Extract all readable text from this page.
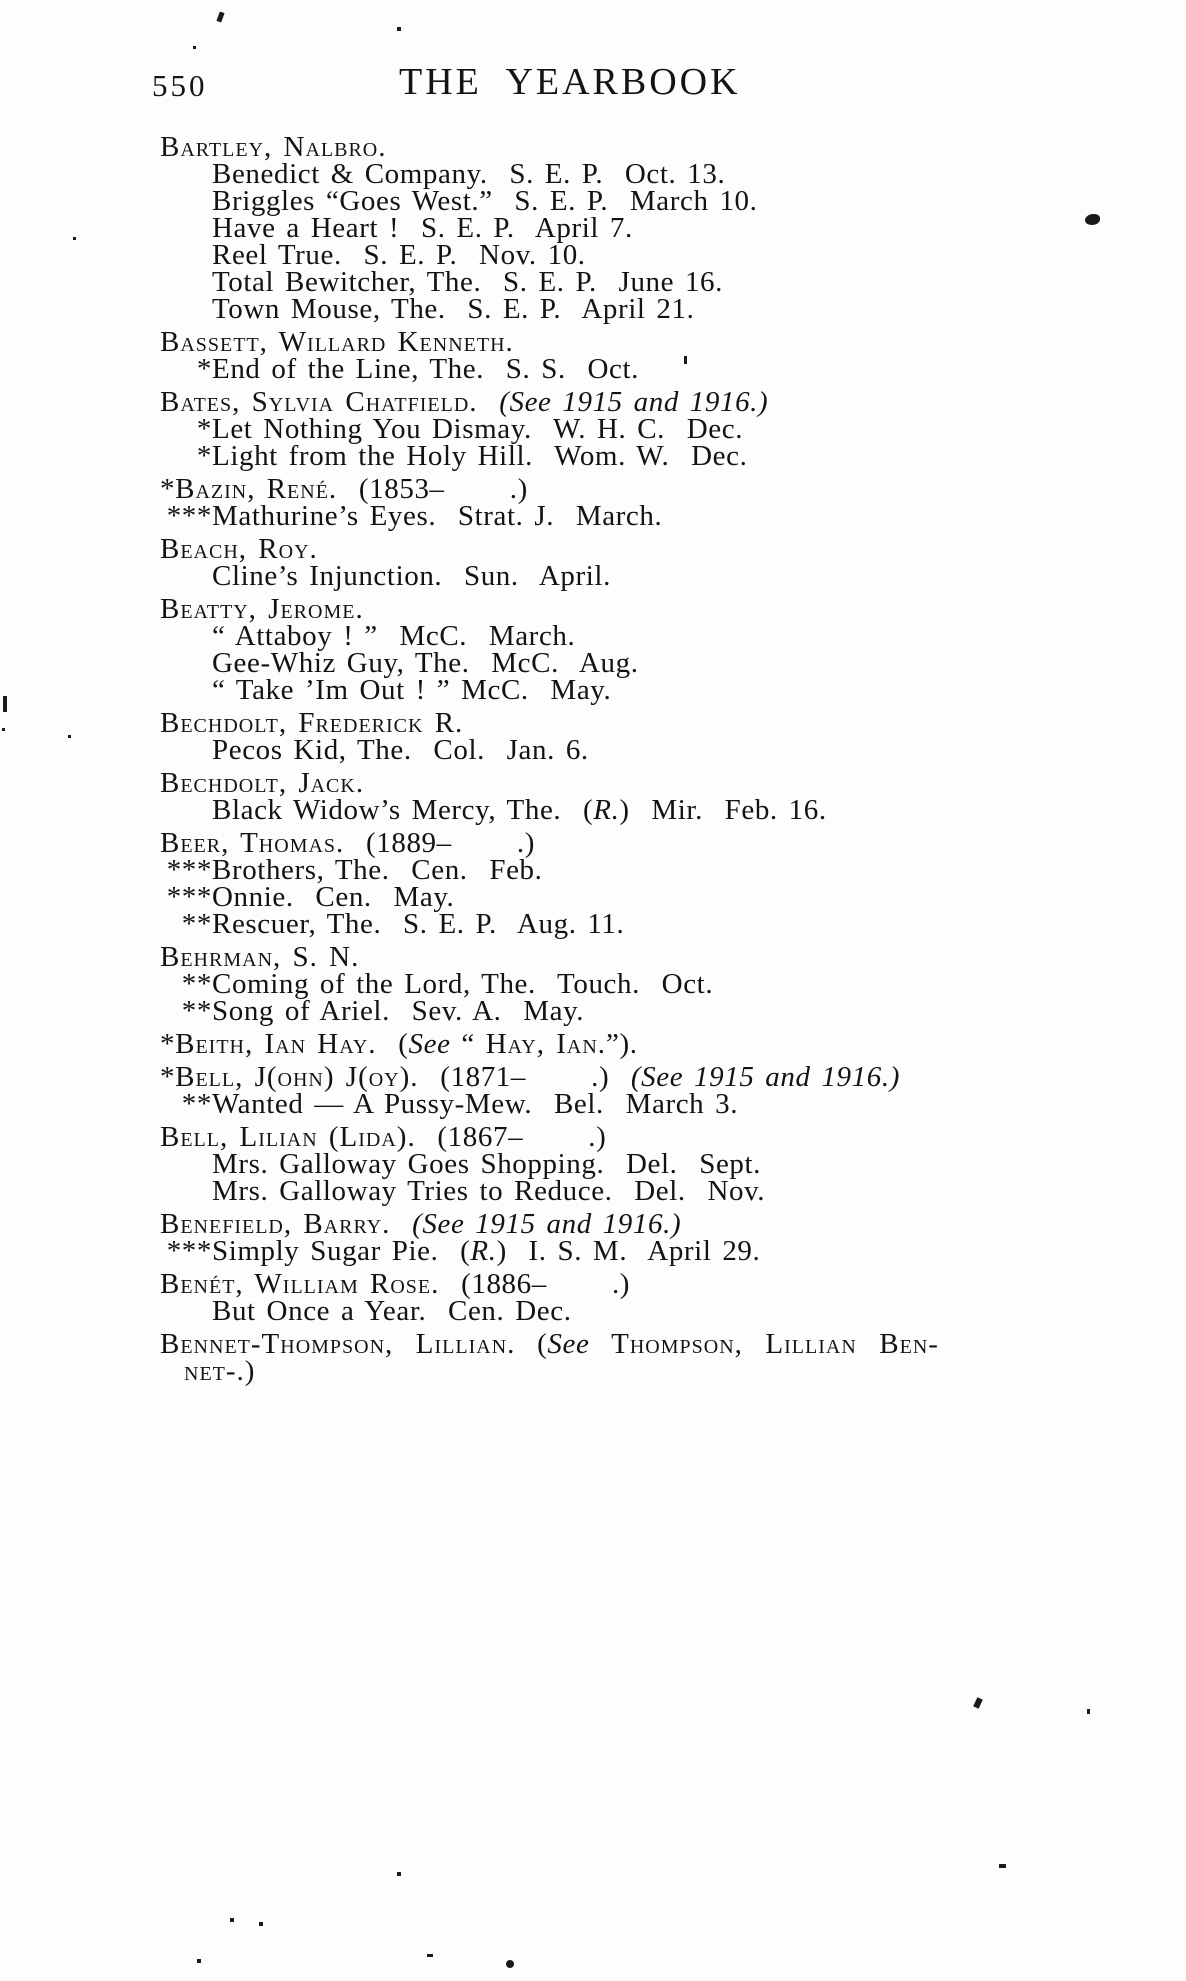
550	THE  YEARBOOK
Bartley, Nalbro.
Benedict & Company.  S. E. P.  Oct. 13.
Briggles “Goes West.”  S. E. P.  March 10.
Have a Heart !  S. E. P.  April 7.
Reel True.  S. E. P.  Nov. 10.
Total Bewitcher, The.  S. E. P.  June 16.
Town Mouse, The.  S. E. P.  April 21.
Bassett, Willard Kenneth.
*End of the Line, The.  S. S.  Oct.
Bates, Sylvia Chatfield. (See 1915 and 1916.)
*Let Nothing You Dismay.  W. H. C.  Dec.
*Light from the Holy Hill.  Wom. W.  Dec.
*Bazin, René.  (1853–      .)
***Mathurine’s Eyes.  Strat. J.  March.
Beach, Roy.
Cline’s Injunction.  Sun.  April.
Beatty, Jerome.
“ Attaboy ! ”  McC.  March.
Gee-Whiz Guy, The.  McC.  Aug.
“ Take ’Im Out ! ” McC.  May.
Bechdolt, Frederick R.
Pecos Kid, The.  Col.  Jan. 6.
Bechdolt, Jack.
Black Widow’s Mercy, The.  (R.)  Mir.  Feb. 16.
Beer, Thomas.  (1889–      .)
***Brothers, The.  Cen.  Feb.
***Onnie.  Cen.  May.
**Rescuer, The.  S. E. P.  Aug. 11.
Behrman, S. N.
**Coming of the Lord, The.  Touch.  Oct.
**Song of Ariel.  Sev. A.  May.
*Beith, Ian Hay.  (See “ Hay, Ian.”).
*Bell, J(ohn) J(oy).  (1871–      .)  (See 1915 and 1916.)
**Wanted — A Pussy-Mew.  Bel.  March 3.
Bell, Lilian (Lida).  (1867–      .)
Mrs. Galloway Goes Shopping.  Del.  Sept.
Mrs. Galloway Tries to Reduce.  Del.  Nov.
Benefield, Barry. (See 1915 and 1916.)
***Simply Sugar Pie.  (R.)  I. S. M.  April 29.
Benét, William Rose.  (1886–      .)
But Once a Year.  Cen. Dec.
Bennet-Thompson,  Lillian.  (See Thompson,  Lillian  Ben-
net-.)
